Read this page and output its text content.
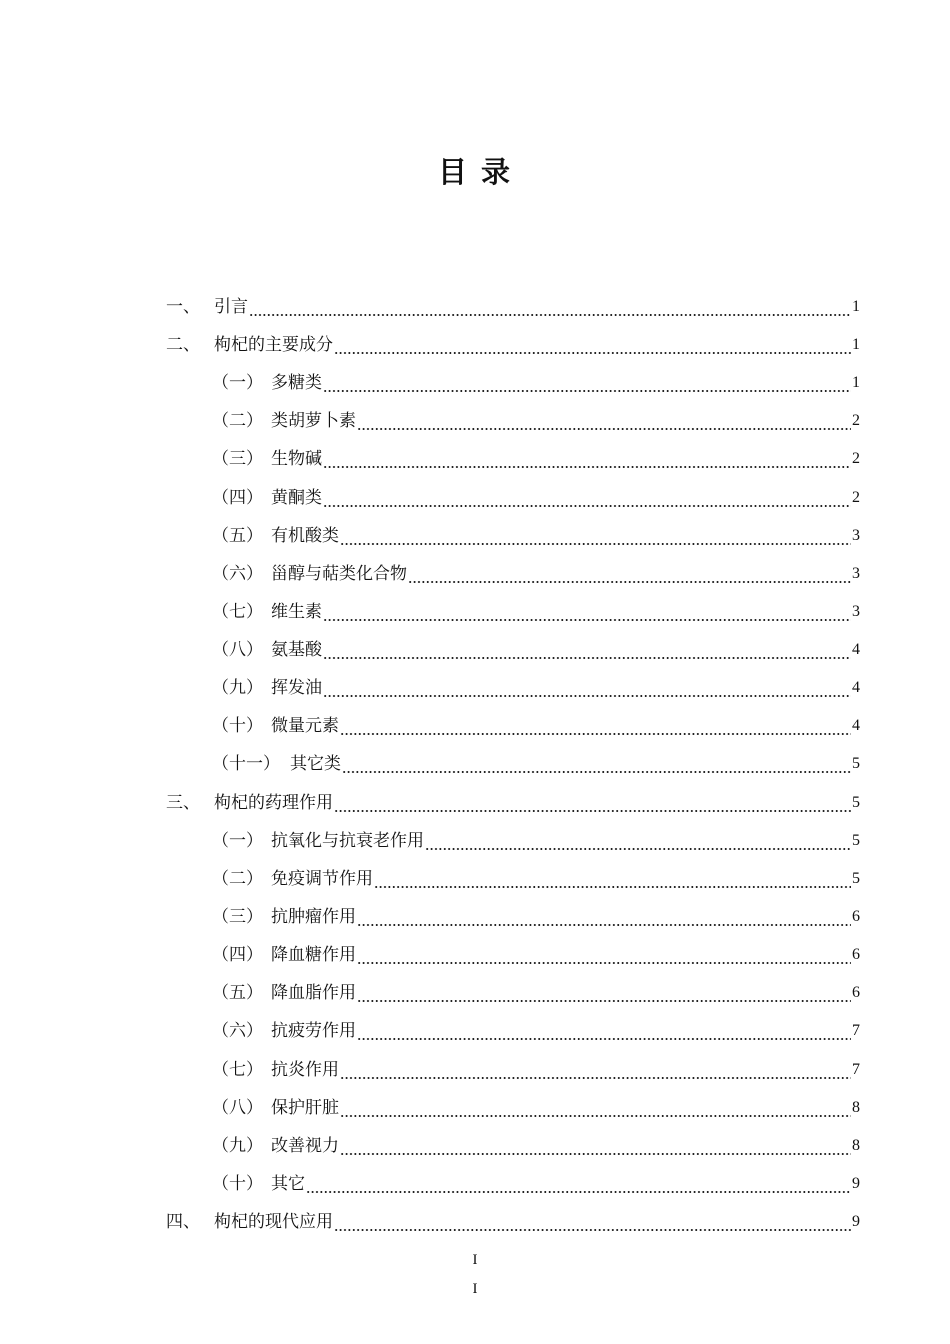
目 录
一、 引言	1
二、 枸杞的主要成分	1
（一） 多糖类	1
（二） 类胡萝卜素	2
（三） 生物碱	2
（四） 黄酮类	2
（五） 有机酸类	3
（六） 甾醇与萜类化合物	3
（七） 维生素	3
（八） 氨基酸	4
（九） 挥发油	4
（十） 微量元素	4
（十一） 其它类	5
三、 枸杞的药理作用	5
（一） 抗氧化与抗衰老作用	5
（二） 免疫调节作用	5
（三） 抗肿瘤作用	6
（四） 降血糖作用	6
（五） 降血脂作用	6
（六） 抗疲劳作用	7
（七） 抗炎作用	7
（八） 保护肝脏	8
（九） 改善视力	8
（十） 其它	9
四、 枸杞的现代应用	9
I
I
